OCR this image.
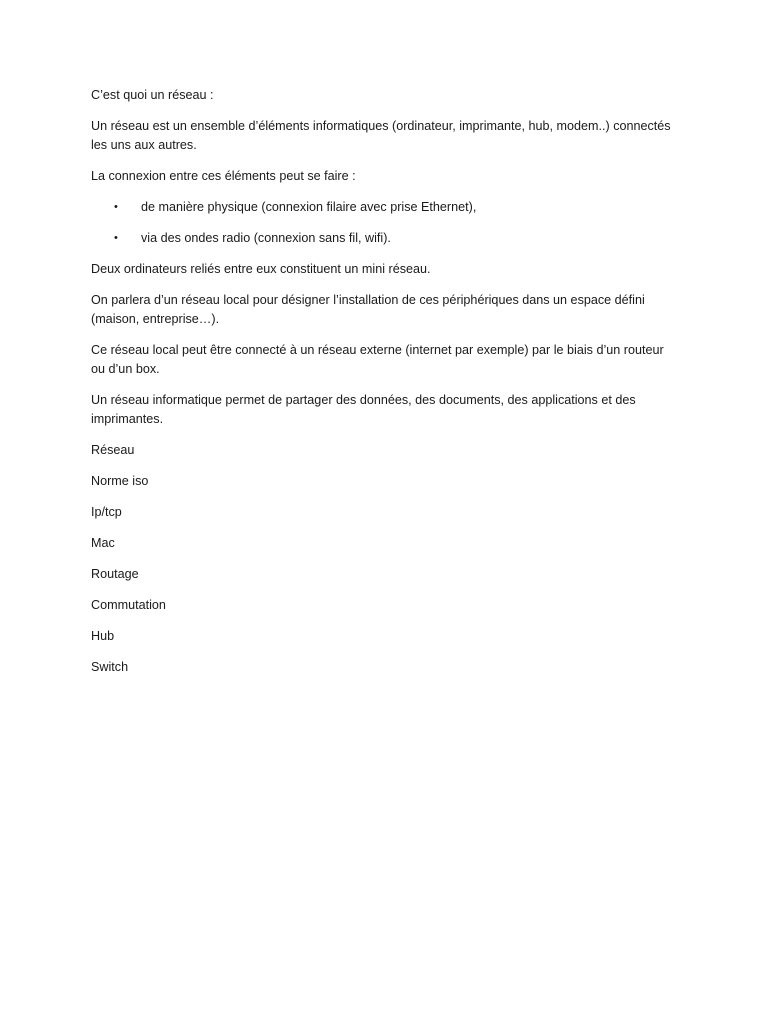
C’est quoi un réseau :

Un réseau est un ensemble d’éléments informatiques (ordinateur, imprimante, hub, modem..) connectés les uns aux autres.

La connexion entre ces éléments peut se faire :

• de manière physique (connexion filaire avec prise Ethernet),
• via des ondes radio (connexion sans fil, wifi).

Deux ordinateurs reliés entre eux constituent un mini réseau.

On parlera d’un réseau local pour désigner l’installation de ces périphériques dans un espace défini (maison, entreprise…).

Ce réseau local peut être connecté à un réseau externe (internet par exemple) par le biais d’un routeur ou d’un box.

Un réseau informatique permet de partager des données, des documents, des applications et des imprimantes.

Réseau

Norme iso

Ip/tcp

Mac

Routage

Commutation

Hub

Switch
